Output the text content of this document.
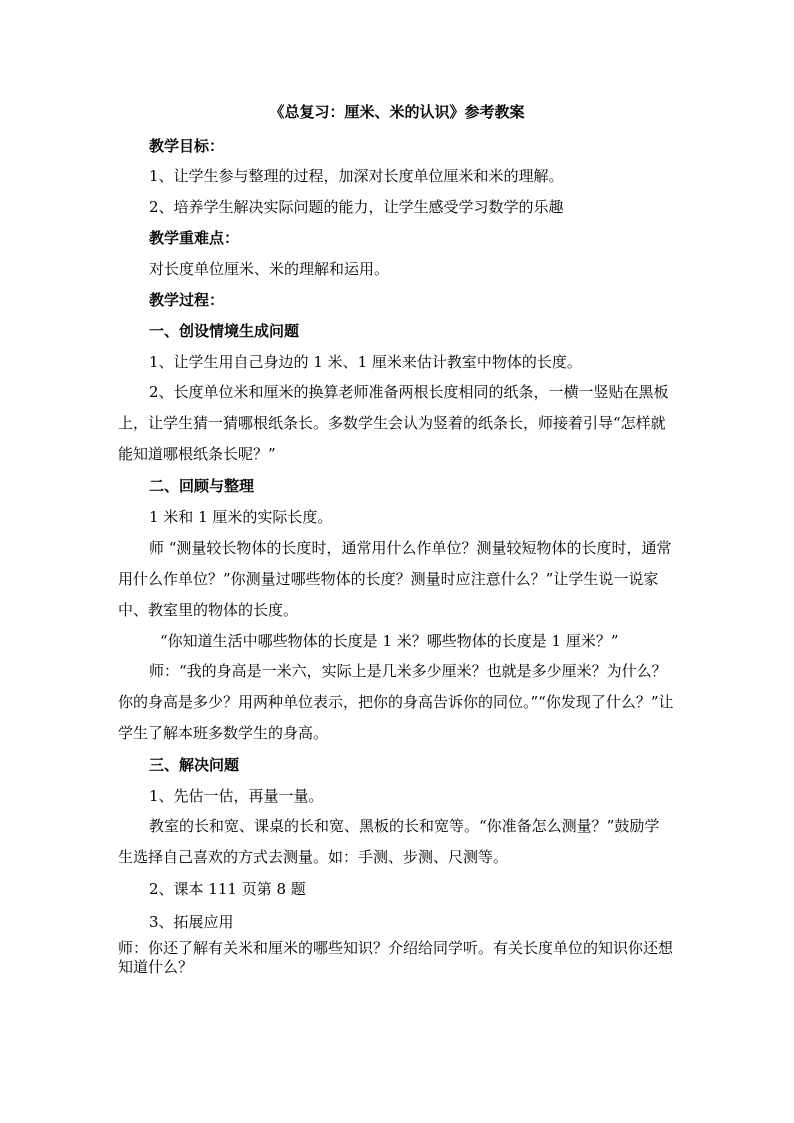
《总复习：厘米、米的认识》参考教案
教学目标：
1、让学生参与整理的过程，加深对长度单位厘米和米的理解。
2、培养学生解决实际问题的能力，让学生感受学习数学的乐趣
教学重难点：
对长度单位厘米、米的理解和运用。
教学过程：
一、创设情境生成问题
1、让学生用自己身边的 1 米、1 厘米来估计教室中物体的长度。
2、长度单位米和厘米的换算老师准备两根长度相同的纸条，一横一竖贴在黑板上，让学生猜一猜哪根纸条长。多数学生会认为竖着的纸条长，师接着引导“怎样就能知道哪根纸条长呢？”
二、回顾与整理
1 米和 1 厘米的实际长度。
师 “测量较长物体的长度时，通常用什么作单位？测量较短物体的长度时，通常用什么作单位？”你测量过哪些物体的长度？测量时应注意什么？”让学生说一说家中、教室里的物体的长度。
“你知道生活中哪些物体的长度是 1 米？哪些物体的长度是 1 厘米？”
师：“我的身高是一米六，实际上是几米多少厘米？也就是多少厘米？为什么？你的身高是多少？用两种单位表示，把你的身高告诉你的同位。”“你发现了什么？”让学生了解本班多数学生的身高。
三、解决问题
1、先估一估，再量一量。
教室的长和宽、课桌的长和宽、黑板的长和宽等。“你准备怎么测量？”鼓励学生选择自己喜欢的方式去测量。如：手测、步测、尺测等。
2、课本 111 页第 8 题
3、拓展应用
师：你还了解有关米和厘米的哪些知识？介绍给同学听。有关长度单位的知识你还想知道什么？
